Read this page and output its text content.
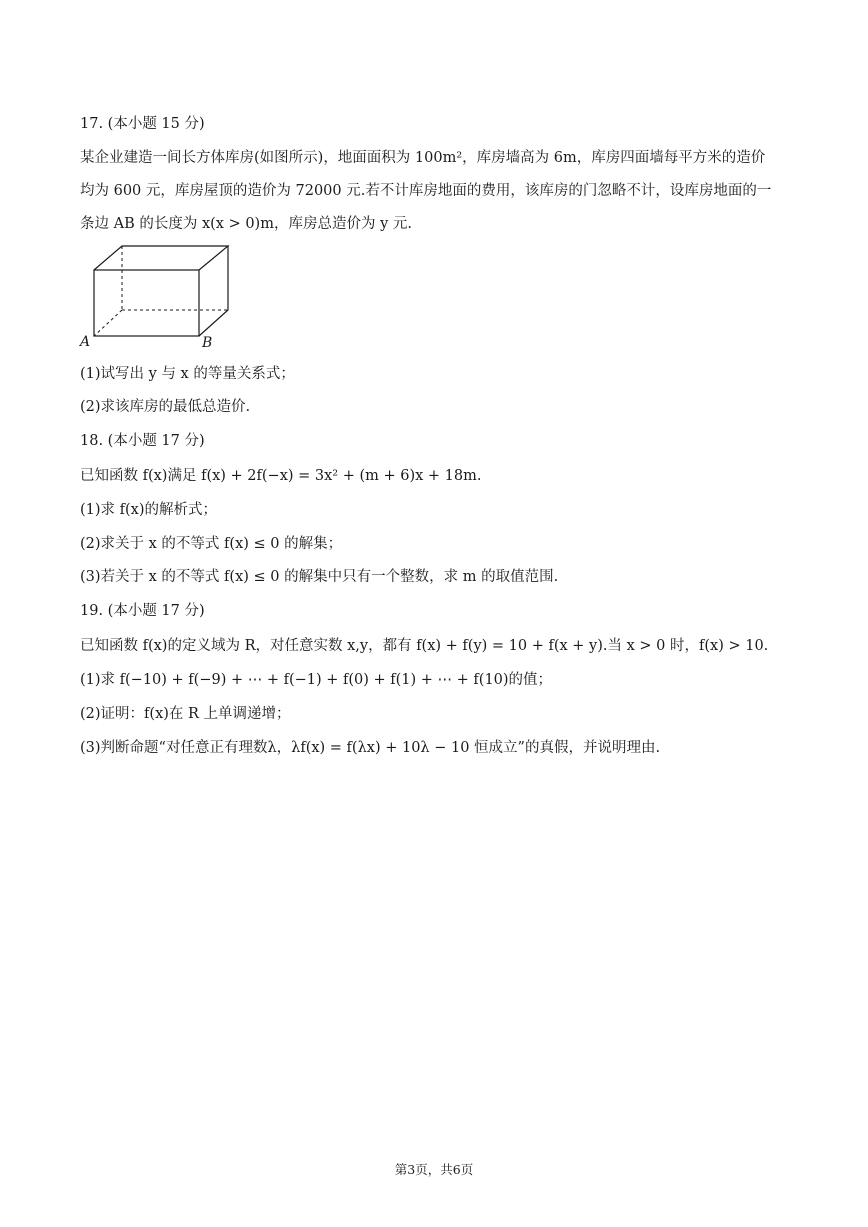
17. (本小题 15 分)
某企业建造一间长方体库房(如图所示)，地面面积为 100m²，库房墙高为 6m，库房四面墙每平方米的造价
均为 600 元，库房屋顶的造价为 72000 元.若不计库房地面的费用，该库房的门忽略不计，设库房地面的一
条边 AB 的长度为 x(x > 0)m，库房总造价为 y 元.
A	B
(1)试写出 y 与 x 的等量关系式；
(2)求该库房的最低总造价.
18. (本小题 17 分)
已知函数 f(x)满足 f(x) + 2f(−x) = 3x² + (m + 6)x + 18m.
(1)求 f(x)的解析式；
(2)求关于 x 的不等式 f(x) ≤ 0 的解集；
(3)若关于 x 的不等式 f(x) ≤ 0 的解集中只有一个整数，求 m 的取值范围.
19. (本小题 17 分)
已知函数 f(x)的定义域为 R，对任意实数 x,y，都有 f(x) + f(y) = 10 + f(x + y).当 x > 0 时，f(x) > 10.
(1)求 f(−10) + f(−9) + ⋯ + f(−1) + f(0) + f(1) + ⋯ + f(10)的值；
(2)证明：f(x)在 R 上单调递增；
(3)判断命题“对任意正有理数λ，λf(x) = f(λx) + 10λ − 10 恒成立”的真假，并说明理由.
第3页，共6页
